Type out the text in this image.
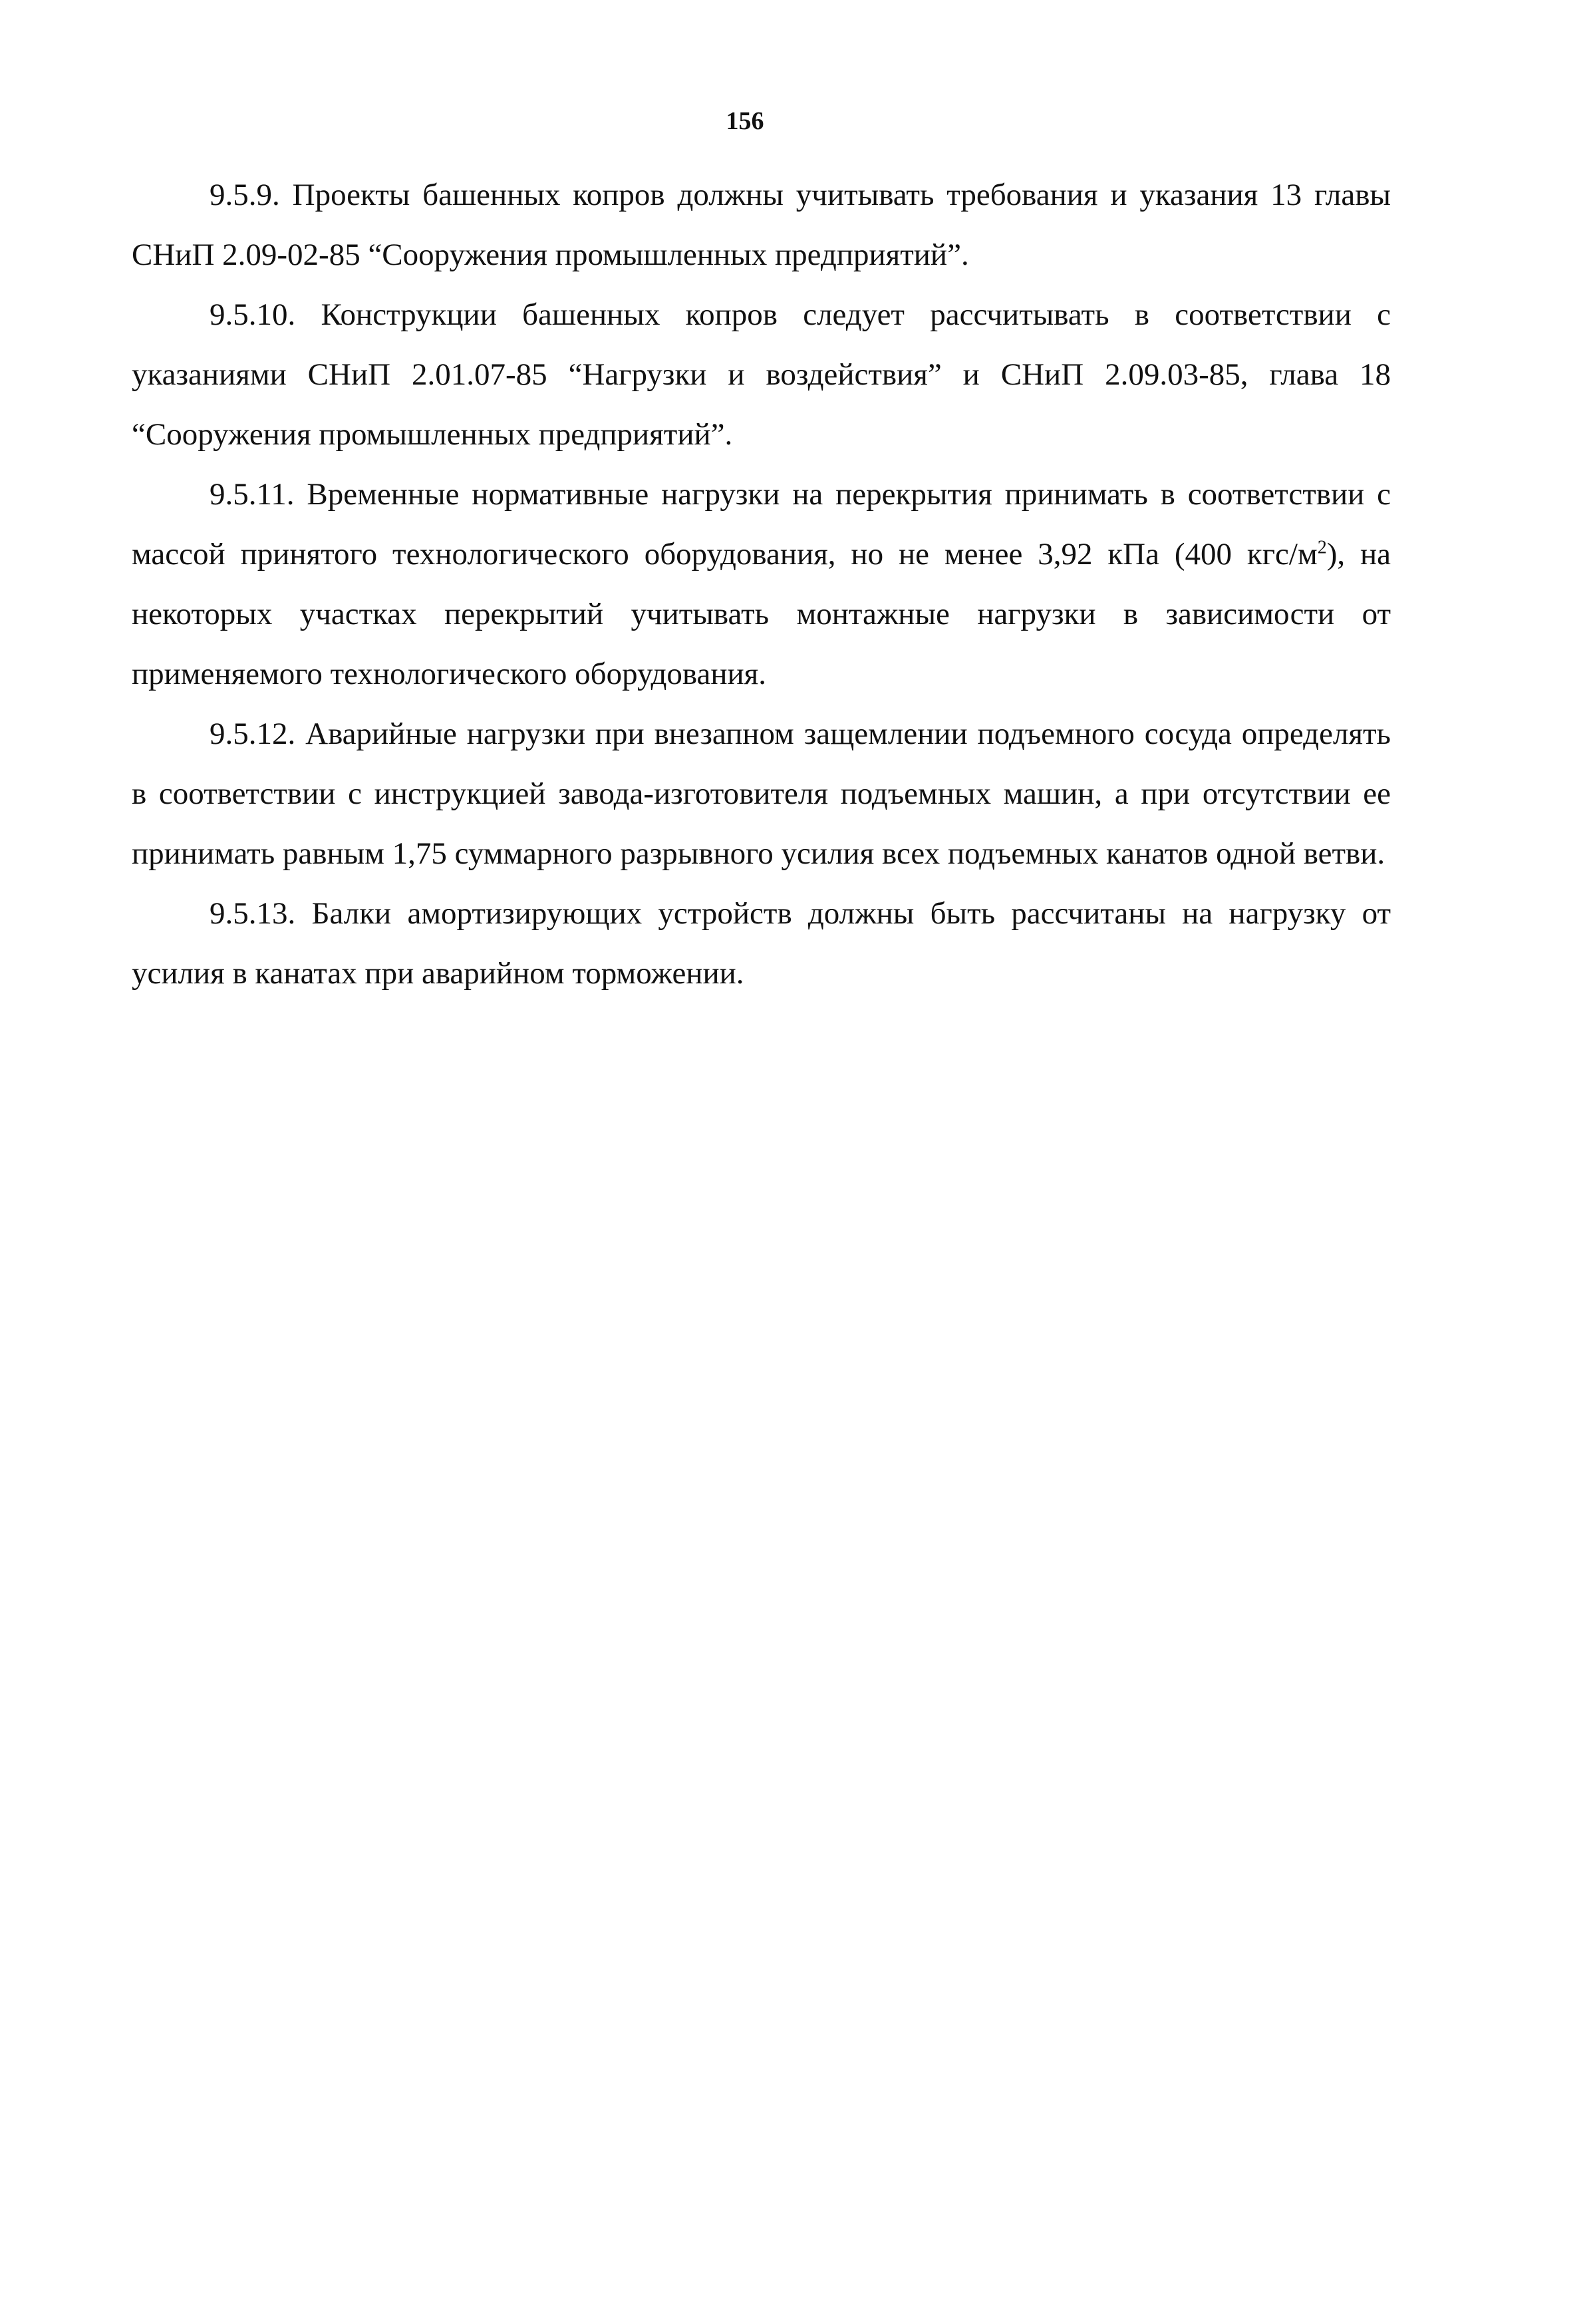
156

9.5.9. Проекты башенных копров должны учитывать требования и указания 13 главы СНиП 2.09-02-85 “Сооружения промышленных предприятий”.

9.5.10. Конструкции башенных копров следует рассчитывать в соответствии с указаниями СНиП 2.01.07-85 “Нагрузки и воздействия” и СНиП 2.09.03-85, глава 18 “Сооружения промышленных предприятий”.

9.5.11. Временные нормативные нагрузки на перекрытия принимать в соответствии с массой принятого технологического оборудования, но не менее 3,92 кПа (400 кгс/$м^2$), на некоторых участках перекрытий учитывать монтажные нагрузки в зависимости от применяемого технологического оборудования.

9.5.12. Аварийные нагрузки при внезапном защемлении подъемного сосуда определять в соответствии с инструкцией завода-изготовителя подъемных машин, а при отсутствии ее принимать равным 1,75 суммарного разрывного усилия всех подъемных канатов одной ветви.

9.5.13. Балки амортизирующих устройств должны быть рассчитаны на нагрузку от усилия в канатах при аварийном торможении.
